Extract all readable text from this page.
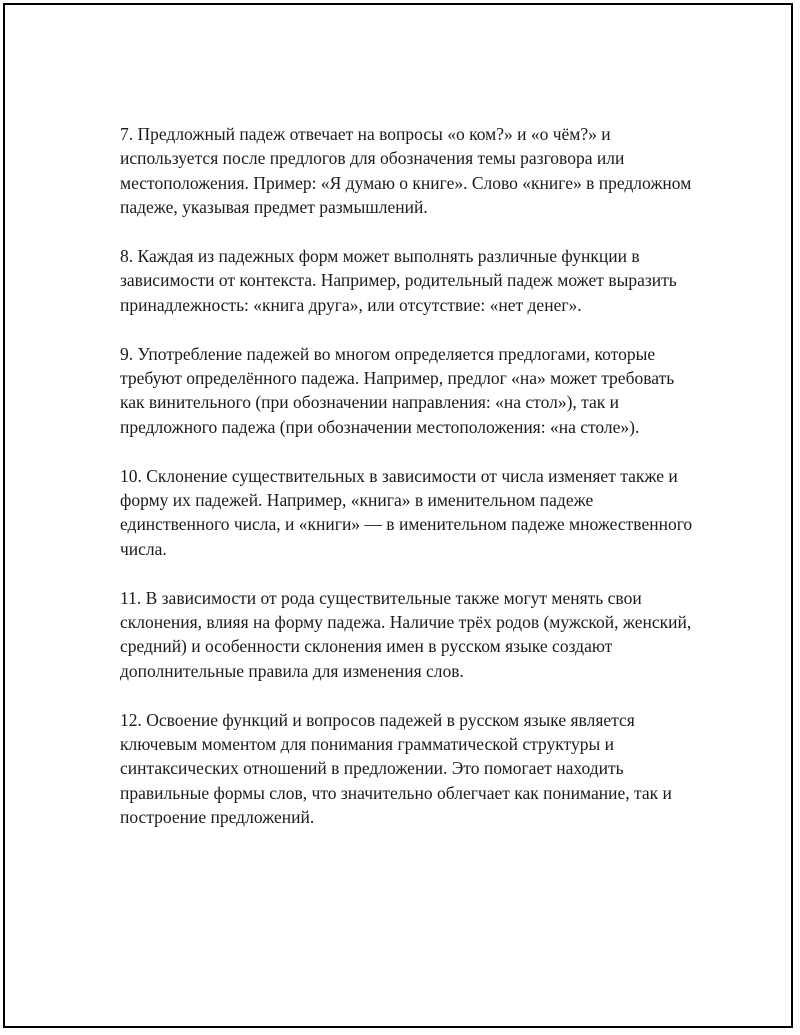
7. Предложный падеж отвечает на вопросы «о ком?» и «о чём?» и используется после предлогов для обозначения темы разговора или местоположения. Пример: «Я думаю о книге». Слово «книге» в предложном падеже, указывая предмет размышлений.

8. Каждая из падежных форм может выполнять различные функции в зависимости от контекста. Например, родительный падеж может выразить принадлежность: «книга друга», или отсутствие: «нет денег».

9. Употребление падежей во многом определяется предлогами, которые требуют определённого падежа. Например, предлог «на» может требовать как винительного (при обозначении направления: «на стол»), так и предложного падежа (при обозначении местоположения: «на столе»).

10. Склонение существительных в зависимости от числа изменяет также и форму их падежей. Например, «книга» в именительном падеже единственного числа, и «книги» — в именительном падеже множественного числа.

11. В зависимости от рода существительные также могут менять свои склонения, влияя на форму падежа. Наличие трёх родов (мужской, женский, средний) и особенности склонения имен в русском языке создают дополнительные правила для изменения слов.

12. Освоение функций и вопросов падежей в русском языке является ключевым моментом для понимания грамматической структуры и синтаксических отношений в предложении. Это помогает находить правильные формы слов, что значительно облегчает как понимание, так и построение предложений.
